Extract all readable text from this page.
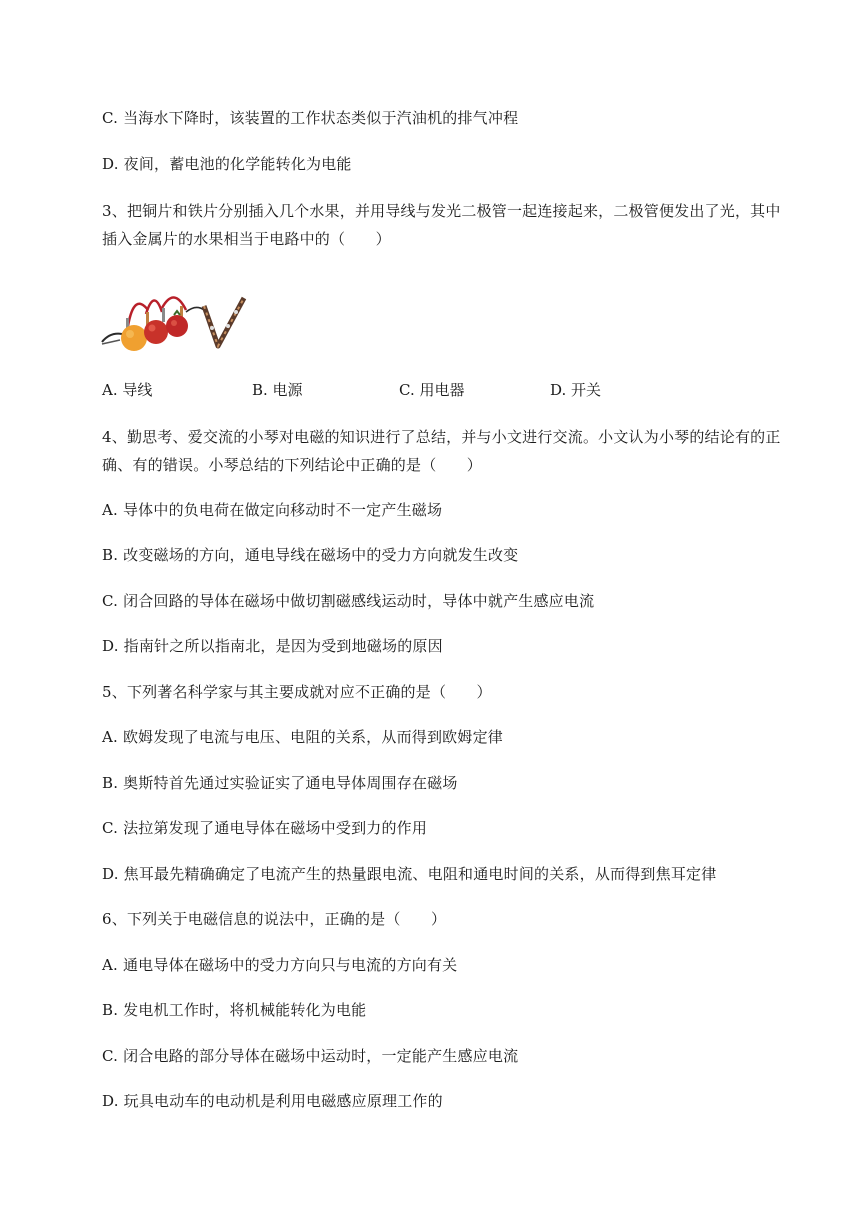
C. 当海水下降时，该装置的工作状态类似于汽油机的排气冲程
D. 夜间，蓄电池的化学能转化为电能
3、把铜片和铁片分别插入几个水果，并用导线与发光二极管一起连接起来，二极管便发出了光，其中
插入金属片的水果相当于电路中的（　　）
A. 导线	B. 电源	C. 用电器	D. 开关
4、勤思考、爱交流的小琴对电磁的知识进行了总结，并与小文进行交流。小文认为小琴的结论有的正
确、有的错误。小琴总结的下列结论中正确的是（　　）
A. 导体中的负电荷在做定向移动时不一定产生磁场
B. 改变磁场的方向，通电导线在磁场中的受力方向就发生改变
C. 闭合回路的导体在磁场中做切割磁感线运动时，导体中就产生感应电流
D. 指南针之所以指南北，是因为受到地磁场的原因
5、下列著名科学家与其主要成就对应不正确的是（　　）
A. 欧姆发现了电流与电压、电阻的关系，从而得到欧姆定律
B. 奥斯特首先通过实验证实了通电导体周围存在磁场
C. 法拉第发现了通电导体在磁场中受到力的作用
D. 焦耳最先精确确定了电流产生的热量跟电流、电阻和通电时间的关系，从而得到焦耳定律
6、下列关于电磁信息的说法中，正确的是（　　）
A. 通电导体在磁场中的受力方向只与电流的方向有关
B. 发电机工作时，将机械能转化为电能
C. 闭合电路的部分导体在磁场中运动时，一定能产生感应电流
D. 玩具电动车的电动机是利用电磁感应原理工作的
